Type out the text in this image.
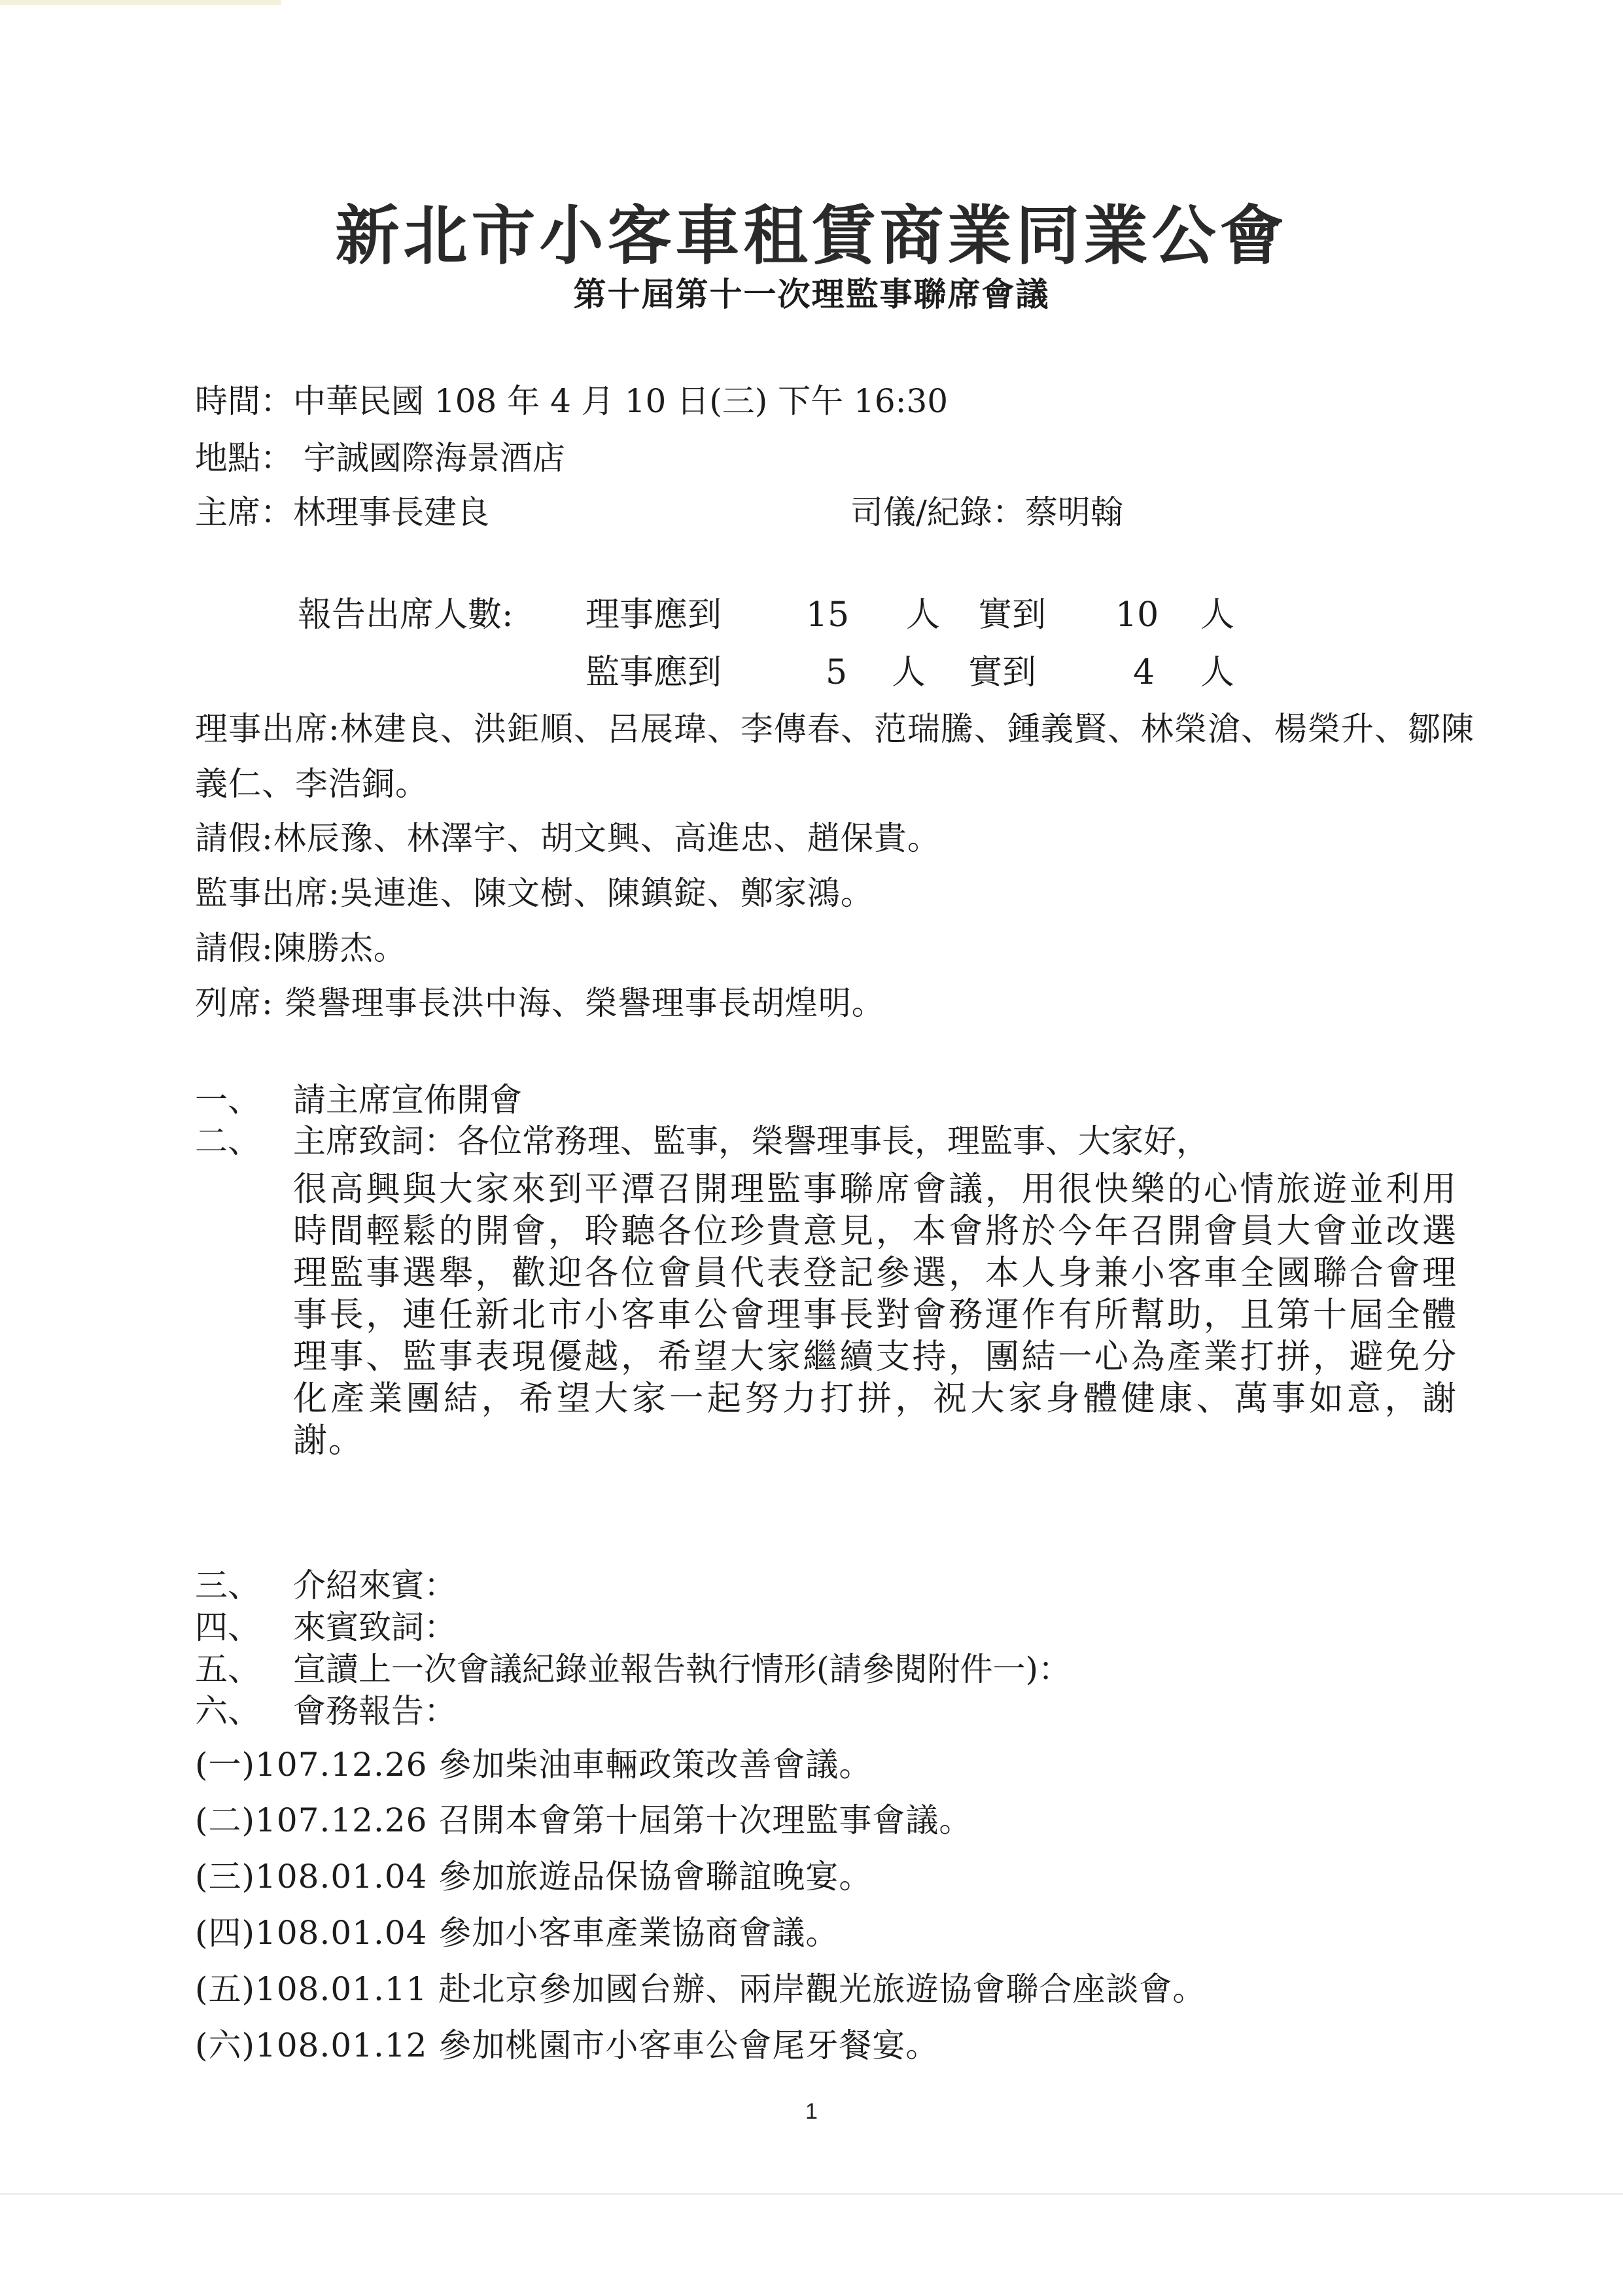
新北市小客車租賃商業同業公會
第十屆第十一次理監事聯席會議
時間：中華民國 108 年 4 月 10 日(三) 下午 16:30
地點： 宇誠國際海景酒店
主席：林理事長建良	司儀/紀錄：蔡明翰
報告出席人數: 理事應到 15 人 實到 10 人
監事應到	5 人 實到	4 人
理事出席:林建良、洪鉅順、呂展瑋、李傳春、范瑞騰、鍾義賢、林榮滄、楊榮升、鄒陳義仁、李浩銅。
請假:林辰豫、林澤宇、胡文興、高進忠、趙保貴。
監事出席:吳連進、陳文樹、陳鎮錠、鄭家鴻。
請假:陳勝杰。
列席: 榮譽理事長洪中海、榮譽理事長胡煌明。
一、 請主席宣佈開會
二、 主席致詞：各位常務理、監事，榮譽理事長，理監事、大家好，
很高興與大家來到平潭召開理監事聯席會議，用很快樂的心情旅遊並利用時間輕鬆的開會，聆聽各位珍貴意見，本會將於今年召開會員大會並改選理監事選舉，歡迎各位會員代表登記參選，本人身兼小客車全國聯合會理事長，連任新北市小客車公會理事長對會務運作有所幫助，且第十屆全體理事、監事表現優越，希望大家繼續支持，團結一心為產業打拼，避免分化產業團結，希望大家一起努力打拼，祝大家身體健康、萬事如意，謝謝。
三、 介紹來賓：
四、 來賓致詞：
五、 宣讀上一次會議紀錄並報告執行情形(請參閱附件一)：
六、 會務報告：
(一)107.12.26 參加柴油車輛政策改善會議。
(二)107.12.26 召開本會第十屆第十次理監事會議。
(三)108.01.04 參加旅遊品保協會聯誼晚宴。
(四)108.01.04 參加小客車產業協商會議。
(五)108.01.11 赴北京參加國台辦、兩岸觀光旅遊協會聯合座談會。
(六)108.01.12 參加桃園市小客車公會尾牙餐宴。
1
